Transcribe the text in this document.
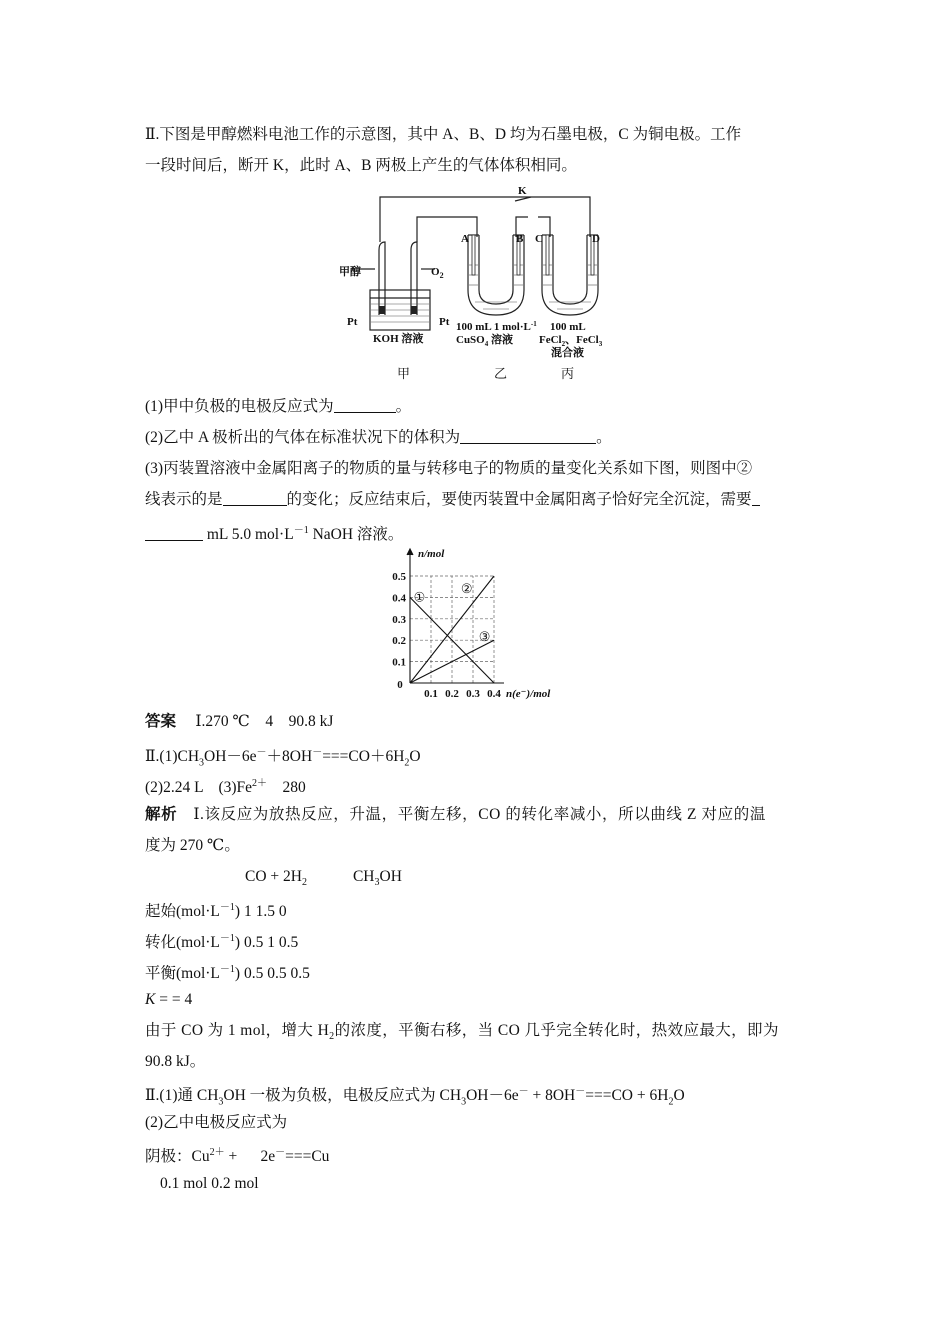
Ⅱ.下图是甲醇燃料电池工作的示意图，其中 A、B、D 均为石墨电极，C 为铜电极。工作
一段时间后，断开 K，此时 A、B 两极上产生的气体体积相同。
K
甲醇	$O_2$
Pt	Pt
KOH 溶液
A	B C	D
100 mL 1 $mol\cdot L^{-1}$
CuSO$_4$ 溶液
100 mL
FeCl$_2$、FeCl$_3$
混合液
甲	乙	丙
(1)甲中负极的电极反应式为	。
(2)乙中 A 极析出的气体在标准状况下的体积为	。
(3)丙装置溶液中金属阳离子的物质的量与转移电子的物质的量变化关系如下图，则图中②
线表示的是	的变化；反应结束后，要使丙装置中金属阳离子恰好完全沉淀，需要
mL 5.0 $mol\cdot L^{-1}$ NaOH 溶液。
0.1
0.2
0.3
0.4
0.5
0.1 0.2 0.3 0.4
0
n/mol
n(e⁻)/mol
①
②
③
答案　 Ⅰ.270 ℃　4　90.8 kJ
$Ⅱ.(1)CH_3OH-6e^-+8OH^-===CO+6H_2O$
(2)2.24 L　$(3)Fe^{2+}$　280
解析　 Ⅰ.该反应为放热反应，升温，平衡左移，CO 的转化率减小，所以曲线 Z 对应的温
度为 270 ℃。
CO + $2H_2$	$CH_3OH$
起始$(mol\cdot L^{-1})$ 1 1.5 0
转化$(mol\cdot L^{-1})$ 0.5 1 0.5
平衡$(mol\cdot L^{-1})$ 0.5 0.5 0.5
K = = 4
由于 CO 为 1 mol，增大 $H_2$的浓度，平衡右移，当 CO 几乎完全转化时，热效应最大，即为
90.8 kJ。
Ⅱ.(1)通 $CH_3OH$ 一极为负极，电极反应式为 $CH_3OH-6e^- + 8OH^-===CO + 6H_2O$
(2)乙中电极反应式为
阴极：$Cu^{2+}$ +      2e－===Cu
0.1 mol 0.2 mol
